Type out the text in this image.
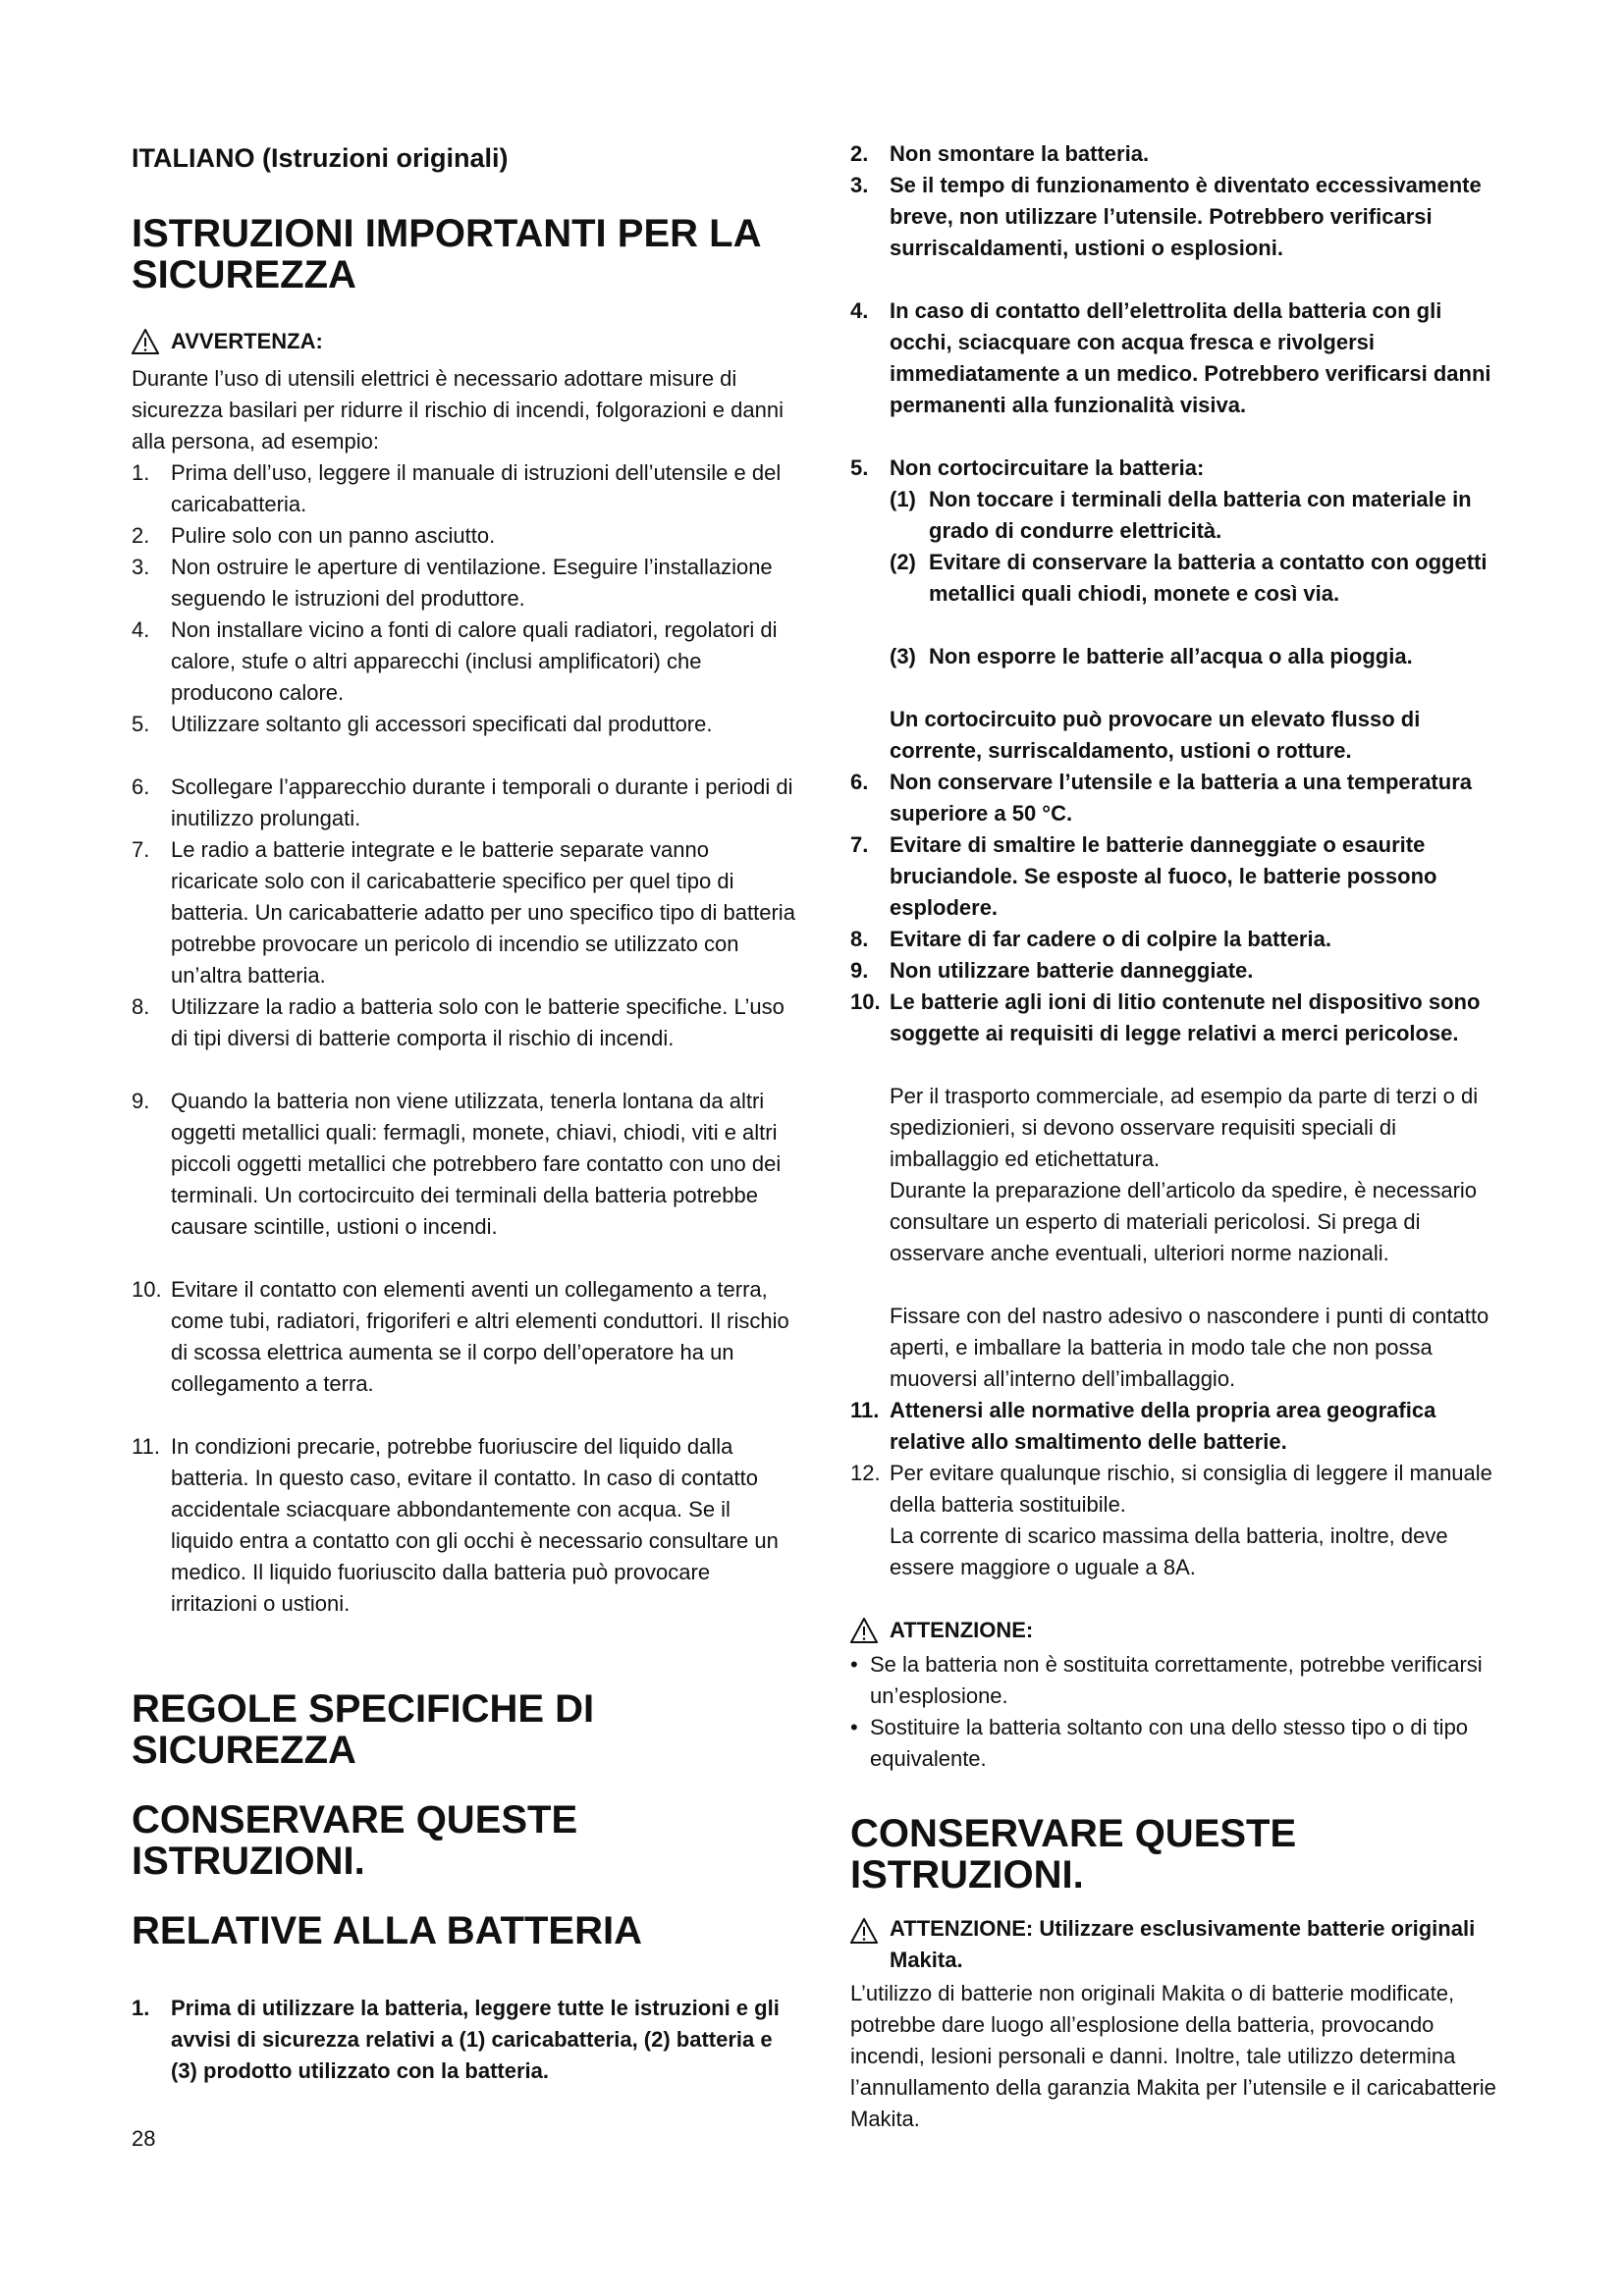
ITALIANO (Istruzioni originali)
ISTRUZIONI IMPORTANTI PER LA SICUREZZA
AVVERTENZA:

Durante l’uso di utensili elettrici è necessario adottare misure di sicurezza basilari per ridurre il rischio di incendi, folgorazioni e danni alla persona, ad esempio:

1. Prima dell’uso, leggere il manuale di istruzioni dell’utensile e del caricabatteria.
2. Pulire solo con un panno asciutto.
3. Non ostruire le aperture di ventilazione. Eseguire l’installazione seguendo le istruzioni del produttore.
4. Non installare vicino a fonti di calore quali radiatori, regolatori di calore, stufe o altri apparecchi (inclusi amplificatori) che producono calore.
5. Utilizzare soltanto gli accessori specificati dal produttore.
6. Scollegare l’apparecchio durante i temporali o durante i periodi di inutilizzo prolungati.
7. Le radio a batterie integrate e le batterie separate vanno ricaricate solo con il caricabatterie specifico per quel tipo di batteria. Un caricabatterie adatto per uno specifico tipo di batteria potrebbe provocare un pericolo di incendio se utilizzato con un’altra batteria.
8. Utilizzare la radio a batteria solo con le batterie specifiche. L’uso di tipi diversi di batterie comporta il rischio di incendi.
9. Quando la batteria non viene utilizzata, tenerla lontana da altri oggetti metallici quali: fermagli, monete, chiavi, chiodi, viti e altri piccoli oggetti metallici che potrebbero fare contatto con uno dei terminali. Un cortocircuito dei terminali della batteria potrebbe causare scintille, ustioni o incendi.
10. Evitare il contatto con elementi aventi un collegamento a terra, come tubi, radiatori, frigoriferi e altri elementi conduttori. Il rischio di scossa elettrica aumenta se il corpo dell’operatore ha un collegamento a terra.
11. In condizioni precarie, potrebbe fuoriuscire del liquido dalla batteria. In questo caso, evitare il contatto. In caso di contatto accidentale sciacquare abbondantemente con acqua. Se il liquido entra a contatto con gli occhi è necessario consultare un medico. Il liquido fuoriuscito dalla batteria può provocare irritazioni o ustioni.
REGOLE SPECIFICHE DI SICUREZZA
CONSERVARE QUESTE ISTRUZIONI.
RELATIVE ALLA BATTERIA
1. Prima di utilizzare la batteria, leggere tutte le istruzioni e gli avvisi di sicurezza relativi a (1) caricabatteria, (2) batteria e (3) prodotto utilizzato con la batteria.
28
2. Non smontare la batteria.
3. Se il tempo di funzionamento è diventato eccessivamente breve, non utilizzare l’utensile. Potrebbero verificarsi surriscaldamenti, ustioni o esplosioni.
4. In caso di contatto dell’elettrolita della batteria con gli occhi, sciacquare con acqua fresca e rivolgersi immediatamente a un medico. Potrebbero verificarsi danni permanenti alla funzionalità visiva.
5. Non cortocircuitare la batteria:
(1) Non toccare i terminali della batteria con materiale in grado di condurre elettricità.
(2) Evitare di conservare la batteria a contatto con oggetti metallici quali chiodi, monete e così via.
(3) Non esporre le batterie all’acqua o alla pioggia.
Un cortocircuito può provocare un elevato flusso di corrente, surriscaldamento, ustioni o rotture.
6. Non conservare l’utensile e la batteria a una temperatura superiore a 50 °C.
7. Evitare di smaltire le batterie danneggiate o esaurite bruciandole. Se esposte al fuoco, le batterie possono esplodere.
8. Evitare di far cadere o di colpire la batteria.
9. Non utilizzare batterie danneggiate.
10. Le batterie agli ioni di litio contenute nel dispositivo sono soggette ai requisiti di legge relativi a merci pericolose.
Per il trasporto commerciale, ad esempio da parte di terzi o di spedizionieri, si devono osservare requisiti speciali di imballaggio ed etichettatura.
Durante la preparazione dell’articolo da spedire, è necessario consultare un esperto di materiali pericolosi. Si prega di osservare anche eventuali, ulteriori norme nazionali.
Fissare con del nastro adesivo o nascondere i punti di contatto aperti, e imballare la batteria in modo tale che non possa muoversi all’interno dell’imballaggio.
11. Attenersi alle normative della propria area geografica relative allo smaltimento delle batterie.
12. Per evitare qualunque rischio, si consiglia di leggere il manuale della batteria sostituibile.
La corrente di scarico massima della batteria, inoltre, deve essere maggiore o uguale a 8A.
ATTENZIONE:
• Se la batteria non è sostituita correttamente, potrebbe verificarsi un’esplosione.
• Sostituire la batteria soltanto con una dello stesso tipo o di tipo equivalente.
CONSERVARE QUESTE ISTRUZIONI.
ATTENZIONE: Utilizzare esclusivamente batterie originali Makita.

L’utilizzo di batterie non originali Makita o di batterie modificate, potrebbe dare luogo all’esplosione della batteria, provocando incendi, lesioni personali e danni. Inoltre, tale utilizzo determina l’annullamento della garanzia Makita per l’utensile e il caricabatterie Makita.
